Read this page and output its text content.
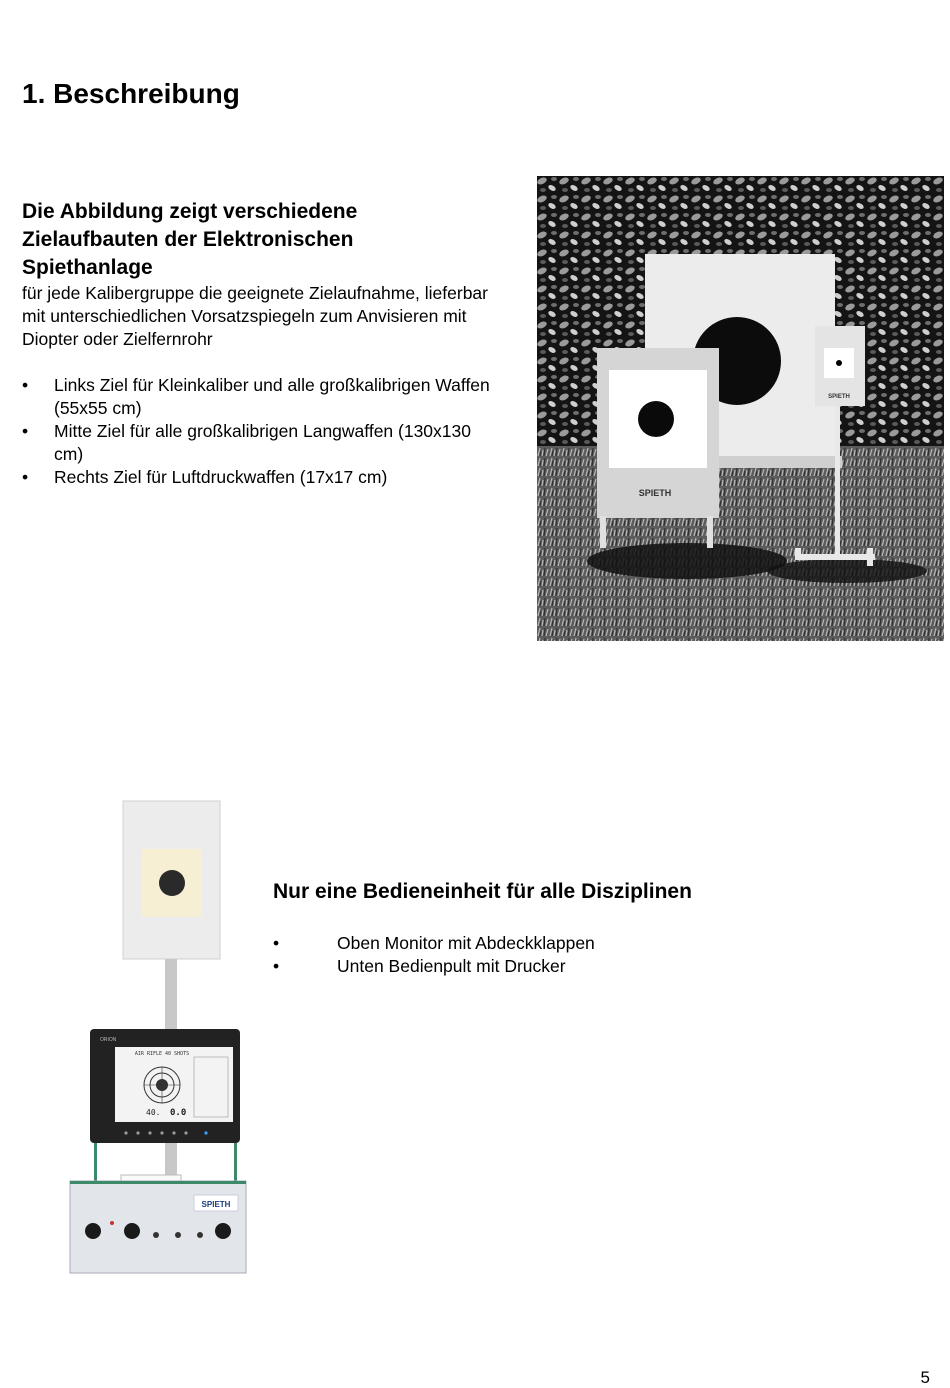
1. Beschreibung
Die Abbildung zeigt verschiedene Zielaufbauten der Elektronischen Spiethanlage

für jede Kalibergruppe die geeignete Zielaufnahme, lieferbar mit unterschiedlichen Vorsatzspiegeln zum Anvisieren mit Diopter oder Zielfernrohr

• Links Ziel für Kleinkaliber und alle großkalibrigen Waffen (55x55 cm)
• Mitte Ziel für alle großkalibrigen Langwaffen (130x130 cm)
• Rechts Ziel für Luftdruckwaffen (17x17 cm)
SPIETH
SPIETH
Nur eine Bedieneinheit für alle Disziplinen
•	Oben Monitor mit Abdeckklappen
•	Unten Bedienpult mit Drucker
ORION
AIR RIFLE 40 SHOTS
40. 0.0
SPIETH
5
